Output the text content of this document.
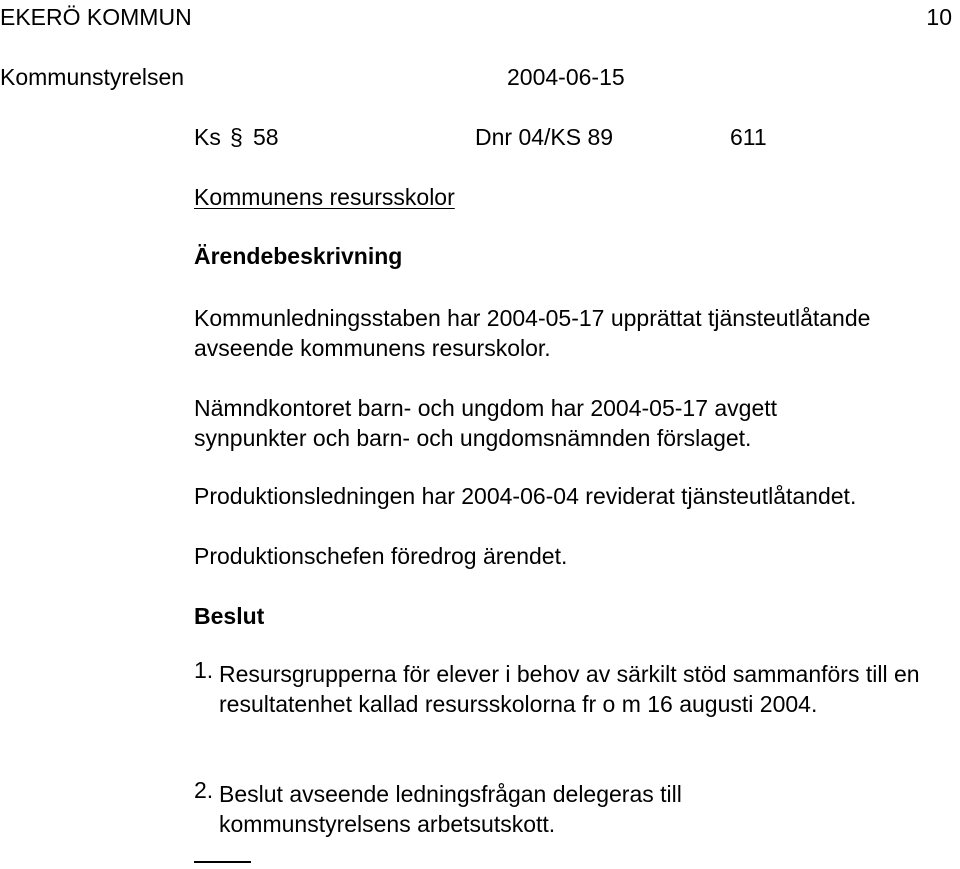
EKERÖ KOMMUN	10
Kommunstyrelsen	2004-06-15
Ks § 58	Dnr 04/KS 89	611
Kommunens resursskolor
Ärendebeskrivning
Kommunledningsstaben har 2004-05-17 upprättat tjänsteutlåtande avseende kommunens resurskolor.
Nämndkontoret barn- och ungdom har 2004-05-17 avgett synpunkter och barn- och ungdomsnämnden förslaget.
Produktionsledningen har 2004-06-04 reviderat tjänsteutlåtandet.
Produktionschefen föredrog ärendet.
Beslut
1. Resursgrupperna för elever i behov av särkilt stöd sammanförs till en resultatenhet kallad resursskolorna fr o m 16 augusti 2004.
2. Beslut avseende ledningsfrågan delegeras till kommunstyrelsens arbetsutskott.
